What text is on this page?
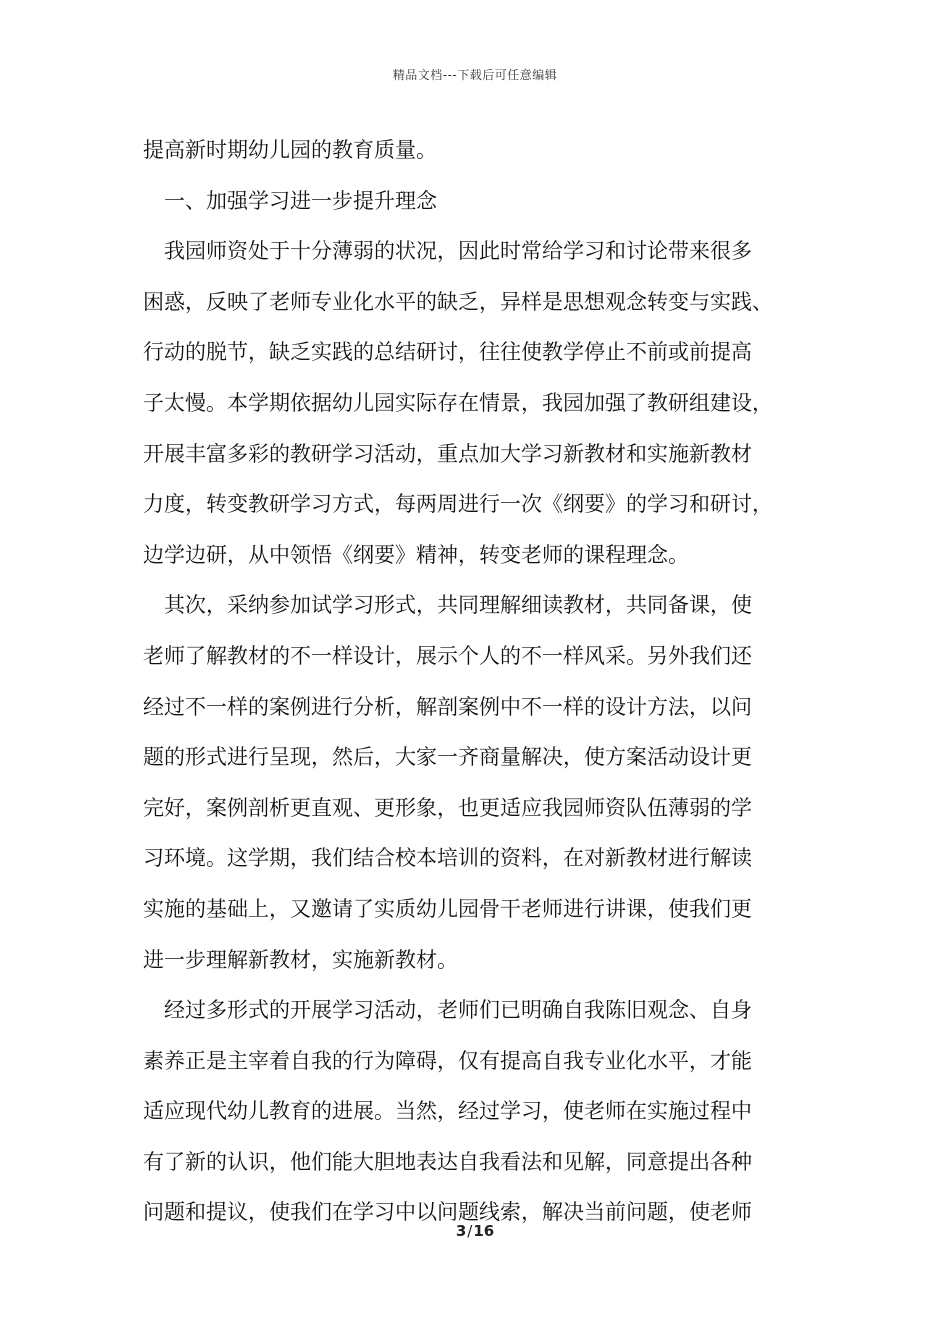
精品文档---下载后可任意编辑
提高新时期幼儿园的教育质量。
　一、加强学习进一步提升理念
　我园师资处于十分薄弱的状况，因此时常给学习和讨论带来很多
困惑，反映了老师专业化水平的缺乏，异样是思想观念转变与实践、
行动的脱节，缺乏实践的总结研讨，往往使教学停止不前或前提高
子太慢。本学期依据幼儿园实际存在情景，我园加强了教研组建设，
开展丰富多彩的教研学习活动，重点加大学习新教材和实施新教材
力度，转变教研学习方式，每两周进行一次《纲要》的学习和研讨，
边学边研，从中领悟《纲要》精神，转变老师的课程理念。
　其次，采纳参加试学习形式，共同理解细读教材，共同备课，使
老师了解教材的不一样设计，展示个人的不一样风采。另外我们还
经过不一样的案例进行分析，解剖案例中不一样的设计方法，以问
题的形式进行呈现，然后，大家一齐商量解决，使方案活动设计更
完好，案例剖析更直观、更形象，也更适应我园师资队伍薄弱的学
习环境。这学期，我们结合校本培训的资料，在对新教材进行解读
实施的基础上，又邀请了实质幼儿园骨干老师进行讲课，使我们更
进一步理解新教材，实施新教材。
　经过多形式的开展学习活动，老师们已明确自我陈旧观念、自身
素养正是主宰着自我的行为障碍，仅有提高自我专业化水平，才能
适应现代幼儿教育的进展。当然，经过学习，使老师在实施过程中
有了新的认识，他们能大胆地表达自我看法和见解，同意提出各种
问题和提议，使我们在学习中以问题线索，解决当前问题，使老师
3/16
